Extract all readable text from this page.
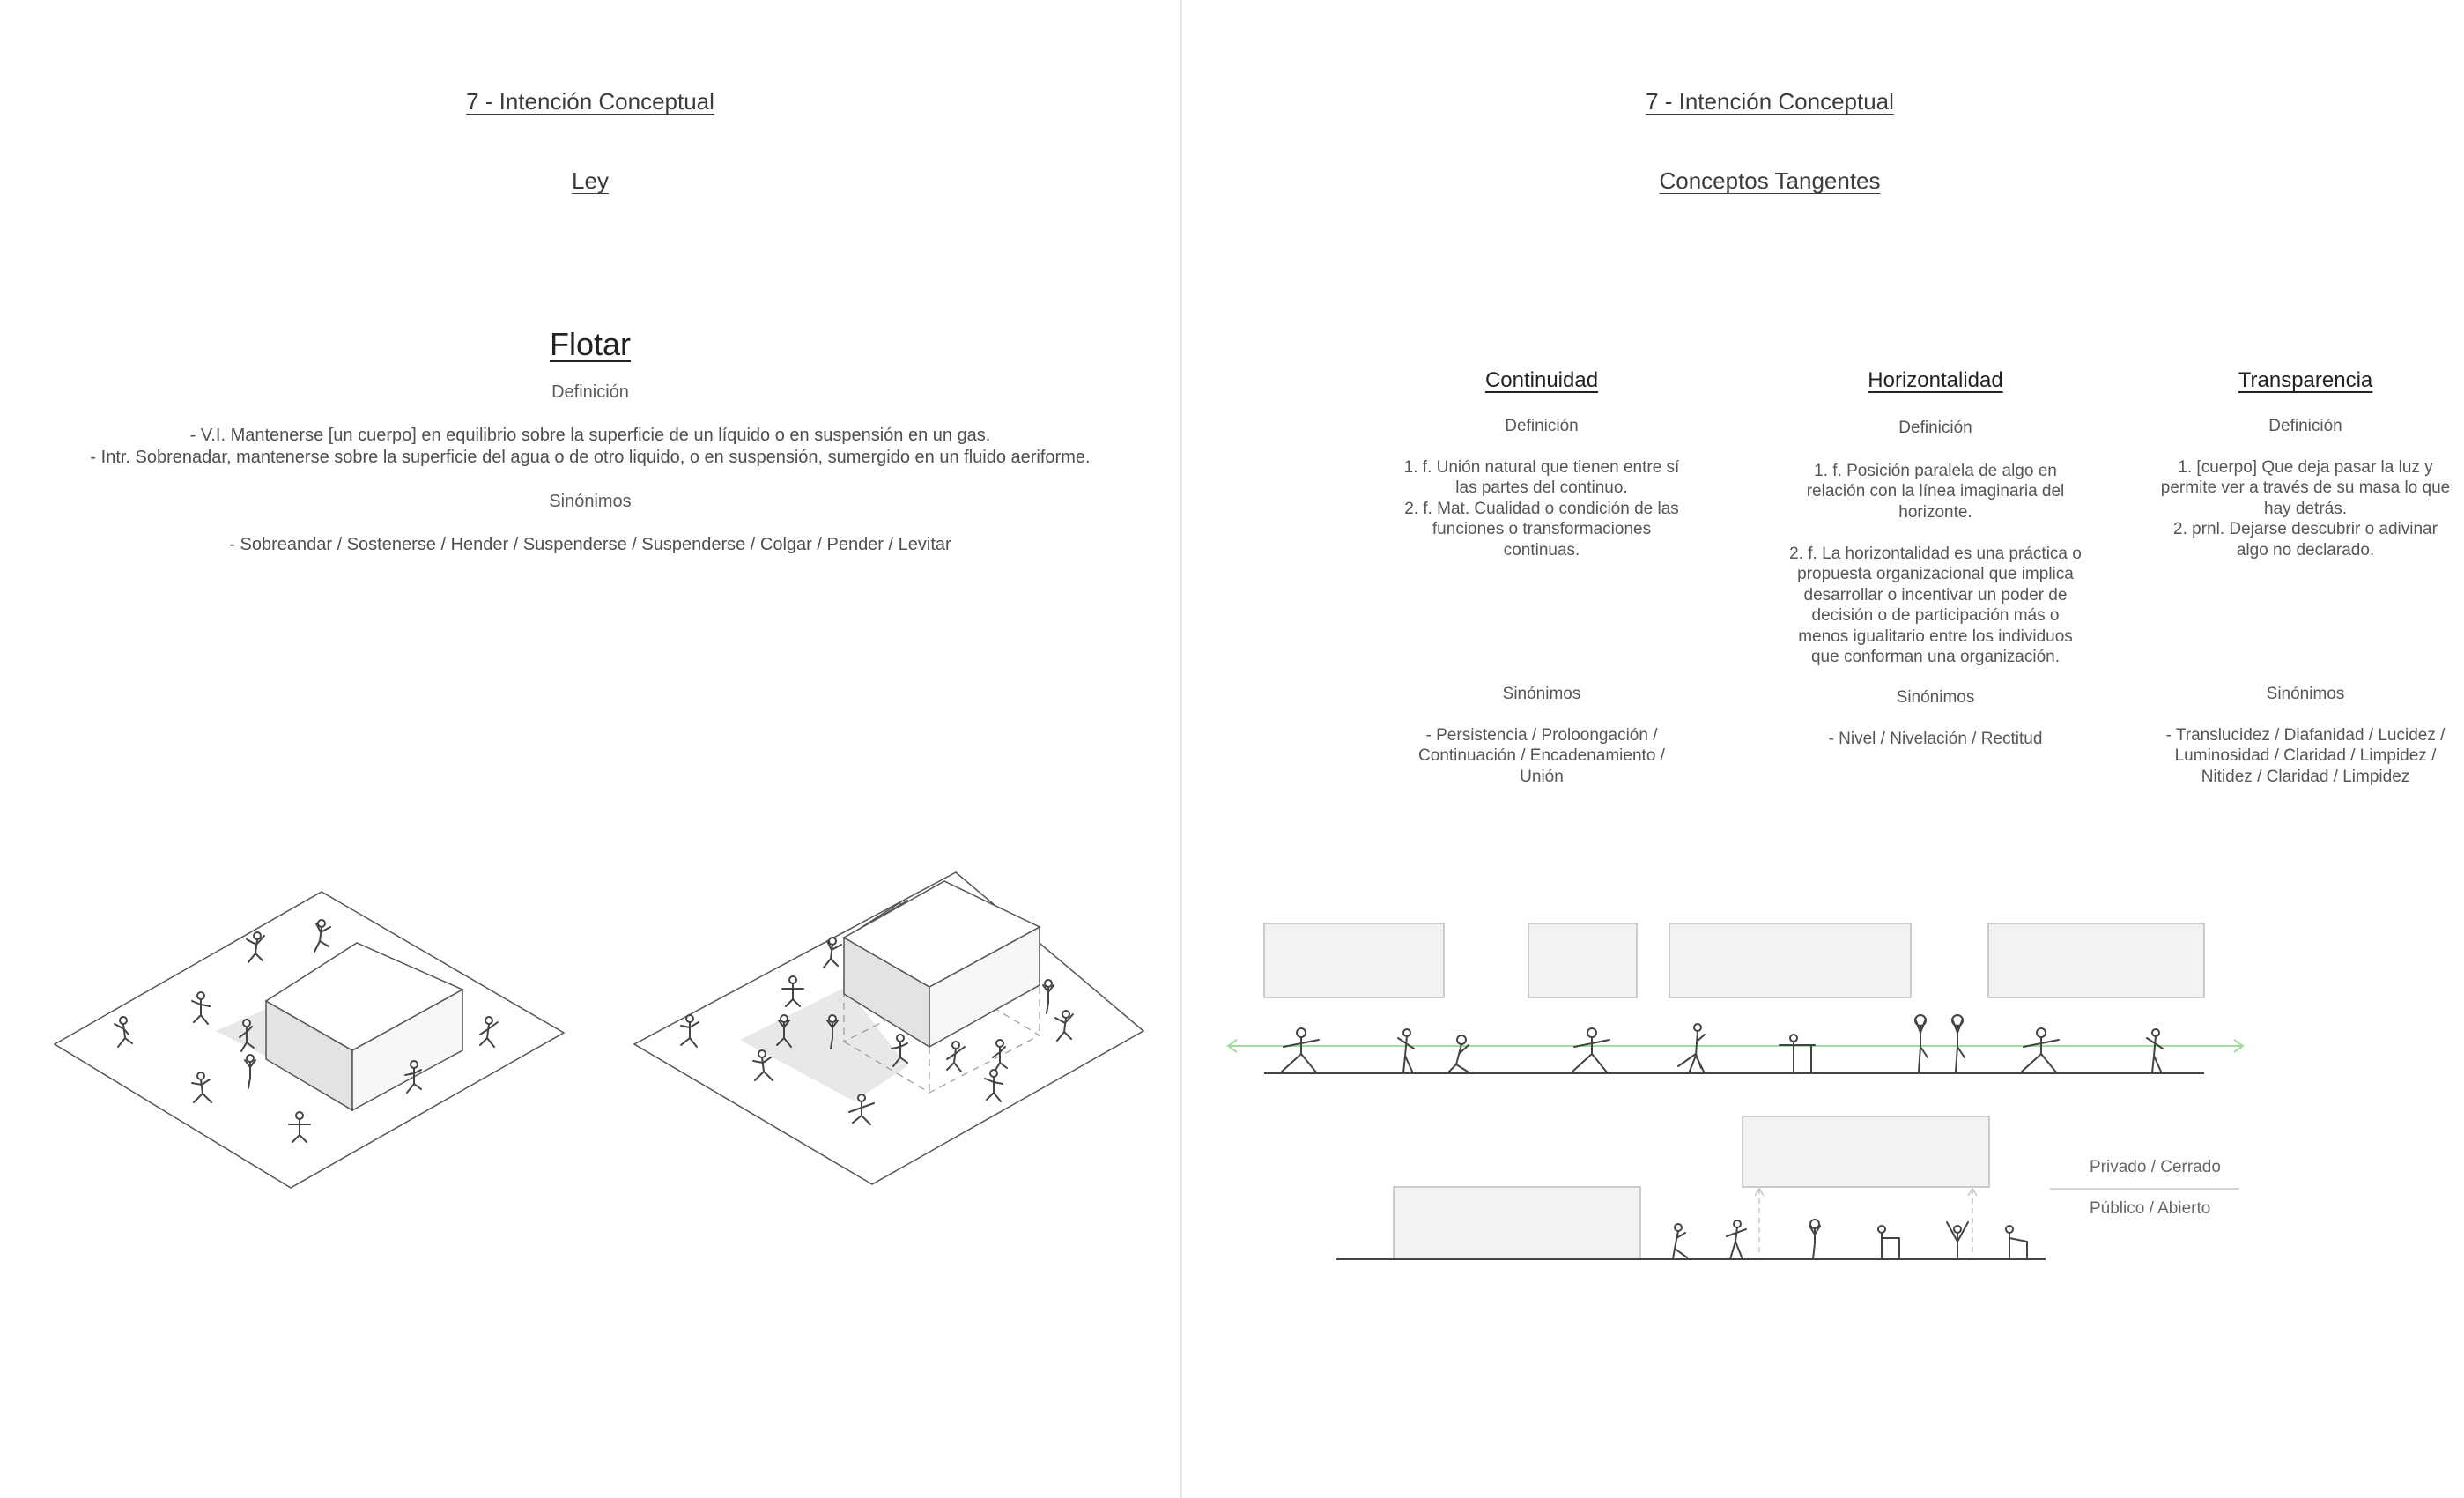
7 - Intención Conceptual
Ley
Flotar
Definición
- V.I. Mantenerse [un cuerpo] en equilibrio sobre la superficie de un líquido o en suspensión en un gas.
- Intr. Sobrenadar, mantenerse sobre la superficie del agua o de otro liquido, o en suspensión, sumergido en un fluido aeriforme.
Sinónimos
- Sobreandar / Sostenerse / Hender / Suspenderse / Suspenderse / Colgar / Pender / Levitar
7 - Intención Conceptual
Conceptos Tangentes
Continuidad
Definición
1. f. Unión natural que tienen entre sí
las partes del continuo.
2. f. Mat. Cualidad o condición de las
funciones o transformaciones
continuas.
Sinónimos
- Persistencia / Proloongación /
Continuación / Encadenamiento /
Unión
Horizontalidad
Definición
1. f. Posición paralela de algo en
relación con la línea imaginaria del
horizonte.
2. f. La horizontalidad es una práctica o
propuesta organizacional que implica
desarrollar o incentivar un poder de
decisión o de participación más o
menos igualitario entre los individuos
que conforman una organización.
Sinónimos
- Nivel / Nivelación / Rectitud
Transparencia
Definición
1. [cuerpo] Que deja pasar la luz y
permite ver a través de su masa lo que
hay detrás.
2. prnl. Dejarse descubrir o adivinar
algo no declarado.
Sinónimos
- Translucidez / Diafanidad / Lucidez /
Luminosidad / Claridad / Limpidez /
Nitidez / Claridad / Limpidez
Privado / Cerrado
Público / Abierto
